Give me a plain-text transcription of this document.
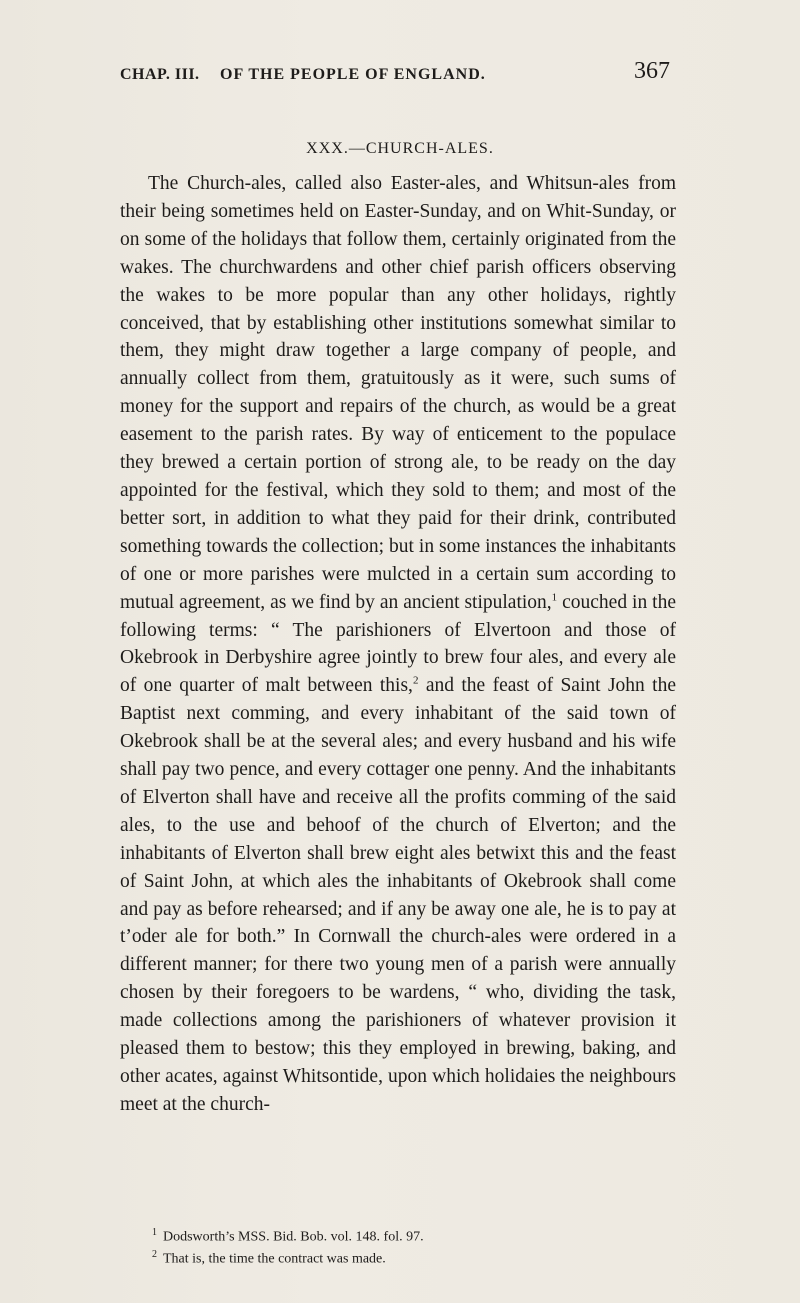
CHAP. III. OF THE PEOPLE OF ENGLAND.	367
XXX.—CHURCH-ALES.

The Church-ales, called also Easter-ales, and Whitsun-ales from their being sometimes held on Easter-Sunday, and on Whit-Sunday, or on some of the holidays that follow them, certainly originated from the wakes. The churchwardens and other chief parish officers observing the wakes to be more popular than any other holidays, rightly conceived, that by establishing other institutions somewhat similar to them, they might draw together a large company of people, and annually collect from them, gratuitously as it were, such sums of money for the support and repairs of the church, as would be a great easement to the parish rates. By way of enticement to the populace they brewed a certain portion of strong ale, to be ready on the day appointed for the festival, which they sold to them; and most of the better sort, in addition to what they paid for their drink, contributed something towards the collection; but in some instances the inhabitants of one or more parishes were mulcted in a certain sum according to mutual agreement, as we find by an ancient stipulation,$^1$ couched in the following terms: “ The parishioners of Elvertoon and those of Okebrook in Derbyshire agree jointly to brew four ales, and every ale of one quarter of malt betwеen this,$^2$ and the feast of Saint John the Baptist next comming, and every inhabitant of the said town of Okebrook shall be at the several ales; and every husband and his wife shall pay two pence, and every cottager one penny. And the inhabitants of Elverton shall have and receive all the profits comming of the said ales, to the use and behoof of the church of Elverton; and the inhabitants of Elverton shall brew eight ales betwixt this and the feast of Saint John, at which ales the inhabitants of Okebrook shall come and pay as before rehearsed; and if any be away one ale, he is to pay at t’oder ale for both.” In Cornwall the church-ales were ordered in a different manner; for there two young men of a parish were annually chosen by their foregoers to be wardens, “ who, dividing the task, made collections among the parishioners of whatever provision it pleased them to bestow; this they employed in brewing, baking, and other acates, against Whitsontide, upon which holidaies the neighbours meet at the church-

$^1$ Dodsworth’s MSS. Bid. Bob. vol. 148. fol. 97.
$^2$ That is, the time the contract was made.
